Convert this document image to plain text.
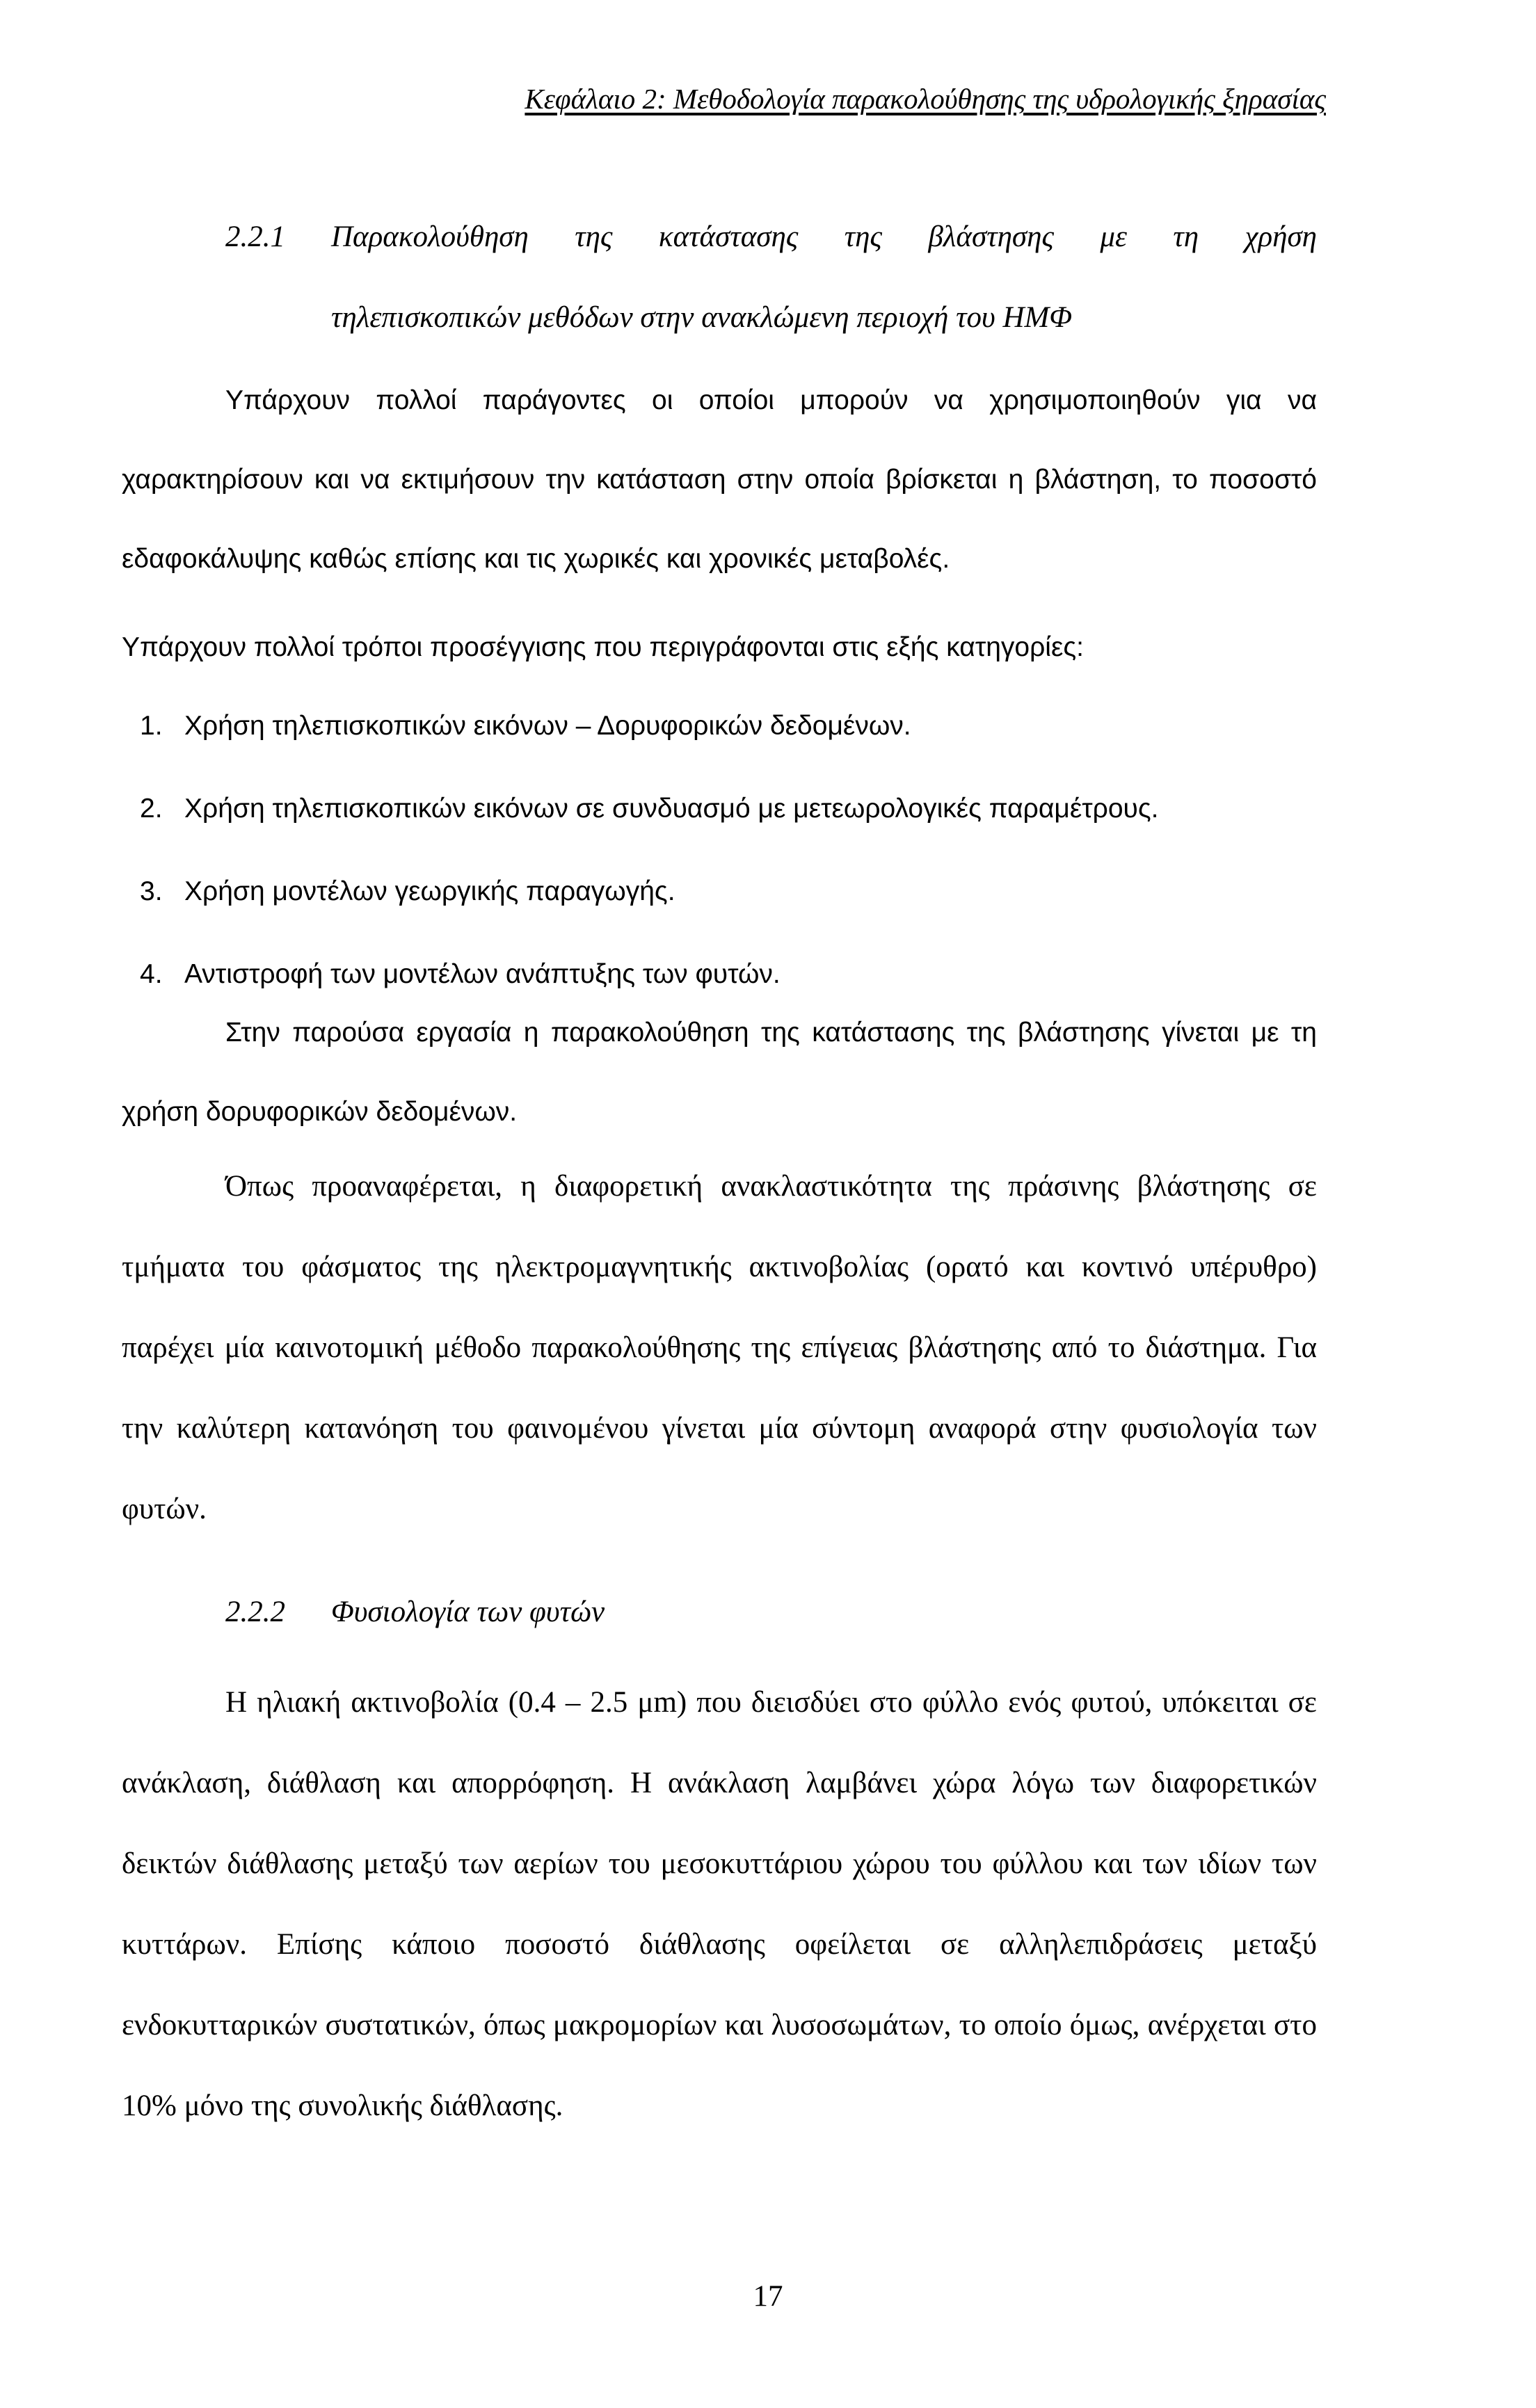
Κεφάλαιο 2: Μεθοδολογία παρακολούθησης της υδρολογικής ξηρασίας

2.2.1 Παρακολούθηση της κατάστασης της βλάστησης με τη χρήση
τηλεπισκοπικών μεθόδων στην ανακλώμενη περιοχή του ΗΜΦ

Υπάρχουν πολλοί παράγοντες οι οποίοι μπορούν να χρησιμοποιηθούν για να χαρακτηρίσουν και να εκτιμήσουν την κατάσταση στην οποία βρίσκεται η βλάστηση, το ποσοστό εδαφοκάλυψης καθώς επίσης και τις χωρικές και χρονικές μεταβολές.

Υπάρχουν πολλοί τρόποι προσέγγισης που περιγράφονται στις εξής κατηγορίες:

1. Χρήση τηλεπισκοπικών εικόνων – Δορυφορικών δεδομένων.
2. Χρήση τηλεπισκοπικών εικόνων σε συνδυασμό με μετεωρολογικές παραμέτρους.
3. Χρήση μοντέλων γεωργικής παραγωγής.
4. Αντιστροφή των μοντέλων ανάπτυξης των φυτών.

Στην παρούσα εργασία η παρακολούθηση της κατάστασης της βλάστησης γίνεται με τη χρήση δορυφορικών δεδομένων.

Όπως προαναφέρεται, η διαφορετική ανακλαστικότητα της πράσινης βλάστησης σε τμήματα του φάσματος της ηλεκτρομαγνητικής ακτινοβολίας (ορατό και κοντινό υπέρυθρο) παρέχει μία καινοτομική μέθοδο παρακολούθησης της επίγειας βλάστησης από το διάστημα. Για την καλύτερη κατανόηση του φαινομένου γίνεται μία σύντομη αναφορά στην φυσιολογία των φυτών.

2.2.2 Φυσιολογία των φυτών

Η ηλιακή ακτινοβολία (0.4 – 2.5 μm) που διεισδύει στο φύλλο ενός φυτού, υπόκειται σε ανάκλαση, διάθλαση και απορρόφηση. Η ανάκλαση λαμβάνει χώρα λόγω των διαφορετικών δεικτών διάθλασης μεταξύ των αερίων του μεσοκυττάριου χώρου του φύλλου και των ιδίων των κυττάρων. Επίσης κάποιο ποσοστό διάθλασης οφείλεται σε αλληλεπιδράσεις μεταξύ ενδοκυτταρικών συστατικών, όπως μακρομορίων και λυσοσωμάτων, το οποίο όμως, ανέρχεται στο 10% μόνο της συνολικής διάθλασης.

17
